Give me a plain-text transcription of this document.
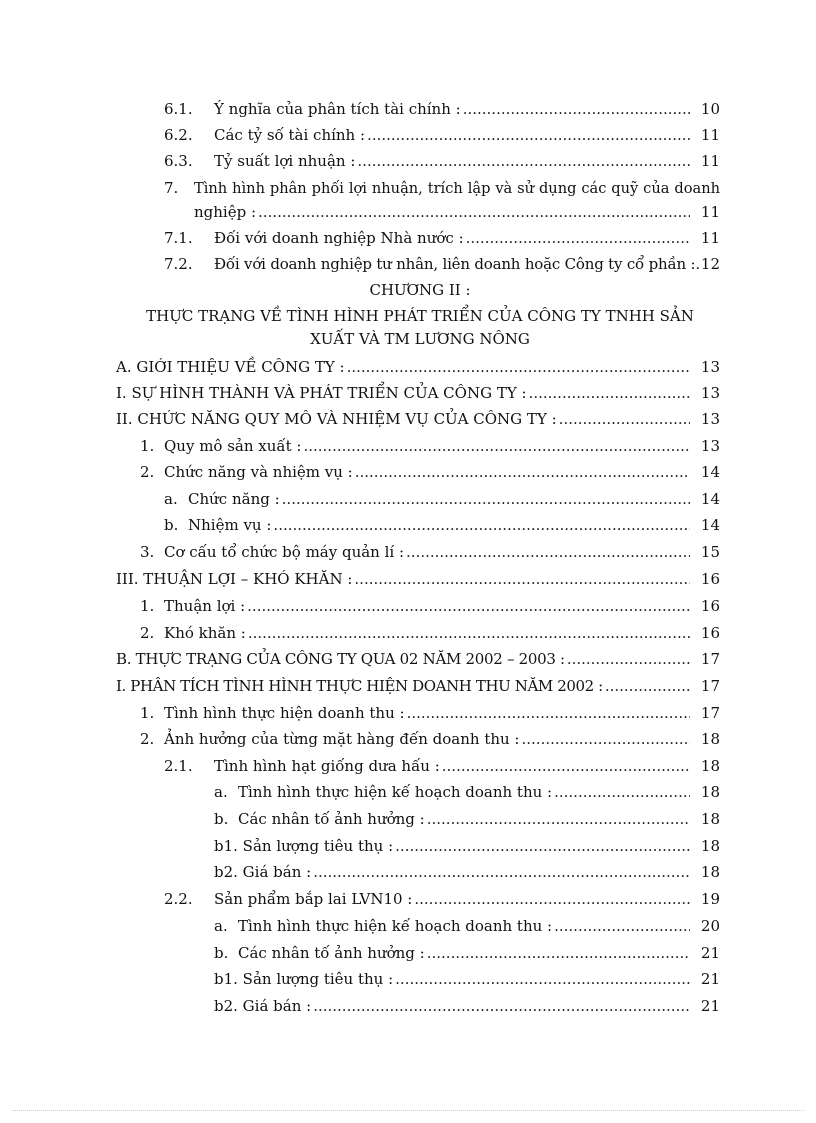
6.1.	Ý nghĩa của phân tích tài chính : .....	10
6.2.	Các tỷ số tài chính : .....	11
6.3.	Tỷ suất lợi nhuận : .....	11
7.	Tình hình phân phối lợi nhuận, trích lập và sử dụng các quỹ của doanh
nghiệp : .....	11
7.1.	Đối với doanh nghiệp Nhà nước : .....	11
7.2.	Đối với doanh nghiệp tư nhân, liên doanh hoặc Công ty cổ phần : ..... 12
CHƯƠNG II :
THỰC TRẠNG VỀ TÌNH HÌNH PHÁT TRIỂN CỦA CÔNG TY TNHH SẢN
XUẤT VÀ TM LƯƠNG NÔNG
A. GIỚI THIỆU VỀ CÔNG TY : .....	13
I. SỰ HÌNH THÀNH VÀ PHÁT TRIỂN CỦA CÔNG TY : .....	13
II. CHỨC NĂNG QUY MÔ VÀ NHIỆM VỤ CỦA CÔNG TY : .....	13
1. Quy mô sản xuất : .....	13
2. Chức năng và nhiệm vụ : .....	14
a. Chức năng : .....	14
b. Nhiệm vụ : .....	14
3. Cơ cấu tổ chức bộ máy quản lí : .....	15
III. THUẬN LỢI – KHÓ KHĂN : .....	16
1. Thuận lợi : .....	16
2. Khó khăn : .....	16
B. THỰC TRẠNG CỦA CÔNG TY QUA 02 NĂM 2002 – 2003 : .....	17
I. PHÂN TÍCH TÌNH HÌNH THỰC HIỆN DOANH THU NĂM 2002 : .....	17
1. Tình hình thực hiện doanh thu : .....	17
2. Ảnh hưởng của từng mặt hàng đến doanh thu : .....	18
2.1.	Tình hình hạt giống dưa hấu : .....	18
a. Tình hình thực hiện kế hoạch doanh thu : .....	18
b. Các nhân tố ảnh hưởng : .....	18
b1. Sản lượng tiêu thụ : .....	18
b2. Giá bán : .....	18
2.2.	Sản phẩm bắp lai LVN10 : .....	19
a. Tình hình thực hiện kế hoạch doanh thu : .....	20
b. Các nhân tố ảnh hưởng : .....	21
b1. Sản lượng tiêu thụ : .....	21
b2. Giá bán : .....	21
